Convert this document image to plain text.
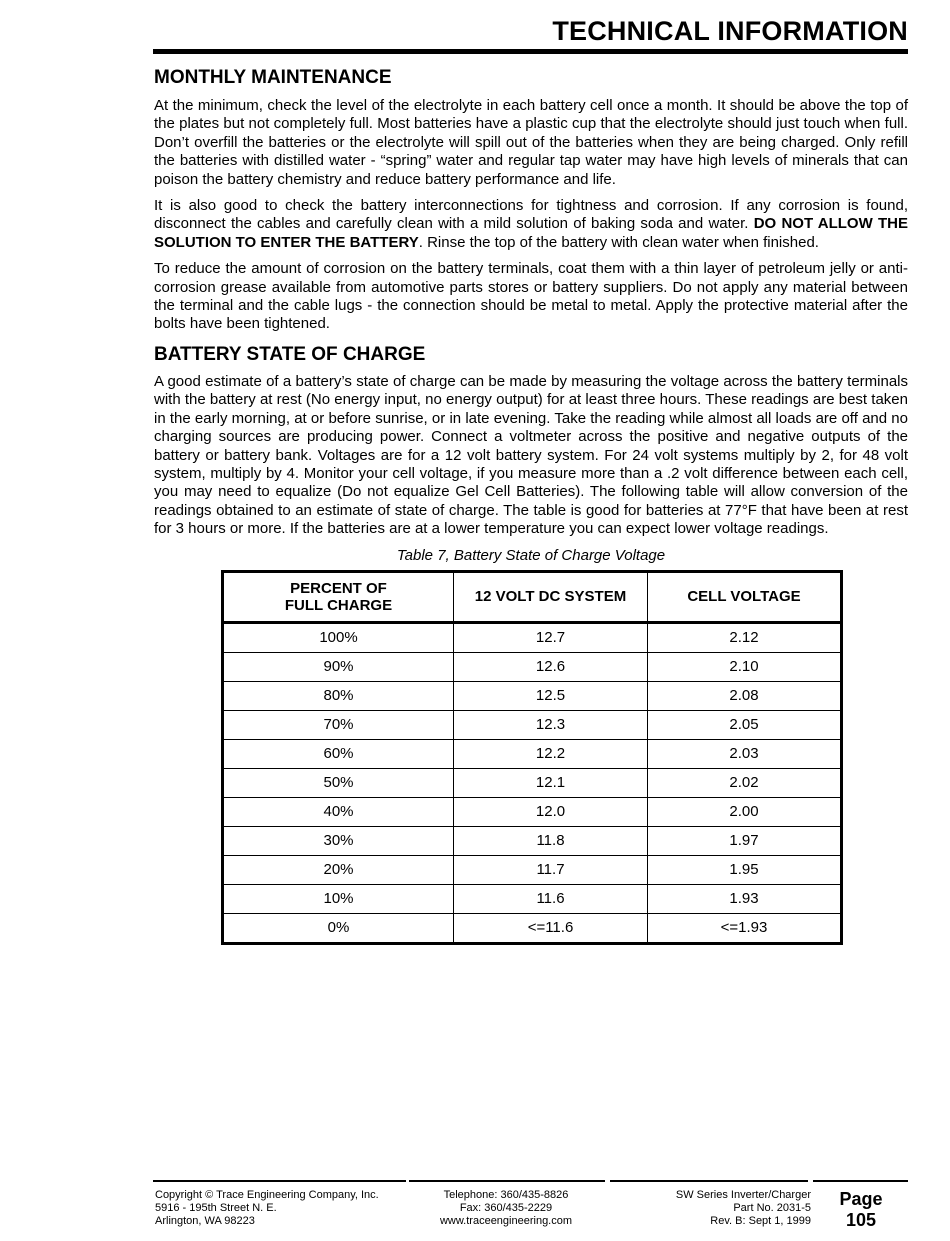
TECHNICAL INFORMATION
MONTHLY MAINTENANCE

At the minimum, check the level of the electrolyte in each battery cell once a month. It should be above the top of the plates but not completely full. Most batteries have a plastic cup that the electrolyte should just touch when full. Don’t overfill the batteries or the electrolyte will spill out of the batteries when they are being charged. Only refill the batteries with distilled water - “spring” water and regular tap water may have high levels of minerals that can poison the battery chemistry and reduce battery performance and life.

It is also good to check the battery interconnections for tightness and corrosion. If any corrosion is found, disconnect the cables and carefully clean with a mild solution of baking soda and water. DO NOT ALLOW THE SOLUTION TO ENTER THE BATTERY. Rinse the top of the battery with clean water when finished.

To reduce the amount of corrosion on the battery terminals, coat them with a thin layer of petroleum jelly or anti-corrosion grease available from automotive parts stores or battery suppliers. Do not apply any material between the terminal and the cable lugs - the connection should be metal to metal. Apply the protective material after the bolts have been tightened.

BATTERY STATE OF CHARGE

A good estimate of a battery’s state of charge can be made by measuring the voltage across the battery terminals with the battery at rest (No energy input, no energy output) for at least three hours. These readings are best taken in the early morning, at or before sunrise, or in late evening. Take the reading while almost all loads are off and no charging sources are producing power. Connect a voltmeter across the positive and negative outputs of the battery or battery bank. Voltages are for a 12 volt battery system. For 24 volt systems multiply by 2, for 48 volt system, multiply by 4. Monitor your cell voltage, if you measure more than a .2 volt difference between each cell, you may need to equalize (Do not equalize Gel Cell Batteries). The following table will allow conversion of the readings obtained to an estimate of state of charge. The table is good for batteries at 77°F that have been at rest for 3 hours or more. If the batteries are at a lower temperature you can expect lower voltage readings.

Table 7, Battery State of Charge Voltage
PERCENT OF
FULL CHARGE	12 VOLT DC SYSTEM	CELL VOLTAGE
100%	12.7	2.12
90%	12.6	2.10
80%	12.5	2.08
70%	12.3	2.05
60%	12.2	2.03
50%	12.1	2.02
40%	12.0	2.00
30%	11.8	1.97
20%	11.7	1.95
10%	11.6	1.93
0%	<=11.6	<=1.93
Copyright © Trace Engineering Company, Inc.
5916 - 195th Street N. E.
Arlington, WA 98223
Telephone: 360/435-8826
Fax: 360/435-2229
www.traceengineering.com
SW Series Inverter/Charger
Part No. 2031-5
Rev. B: Sept 1, 1999
Page
105
